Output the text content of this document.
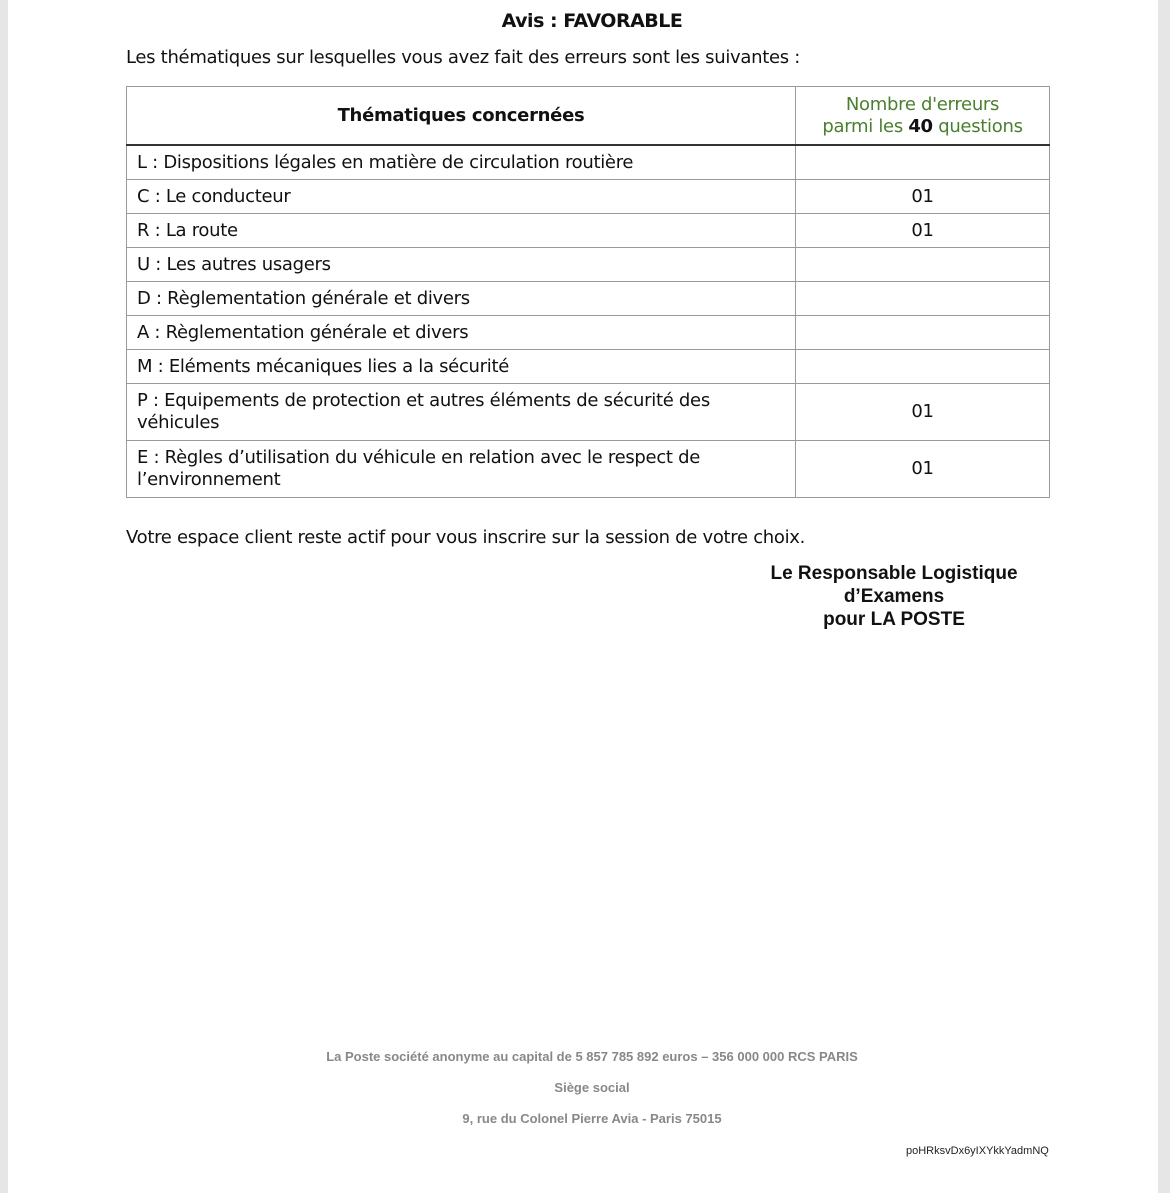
Avis : FAVORABLE
Les thématiques sur lesquelles vous avez fait des erreurs sont les suivantes :
Thématiques concernées	Nombre d'erreurs
parmi les 40 questions
L : Dispositions légales en matière de circulation routière	
C : Le conducteur	01
R : La route	01
U : Les autres usagers	
D : Règlementation générale et divers	
A : Règlementation générale et divers	
M : Eléments mécaniques lies a la sécurité	
P : Equipements de protection et autres éléments de sécurité des véhicules	01
E : Règles d’utilisation du véhicule en relation avec le respect de l’environnement	01
Votre espace client reste actif pour vous inscrire sur la session de votre choix.
Le Responsable Logistique
d’Examens
pour LA POSTE
La Poste société anonyme au capital de 5 857 785 892 euros – 356 000 000 RCS PARIS
Siège social
9, rue du Colonel Pierre Avia - Paris 75015
poHRksvDx6yIXYkkYadmNQ
